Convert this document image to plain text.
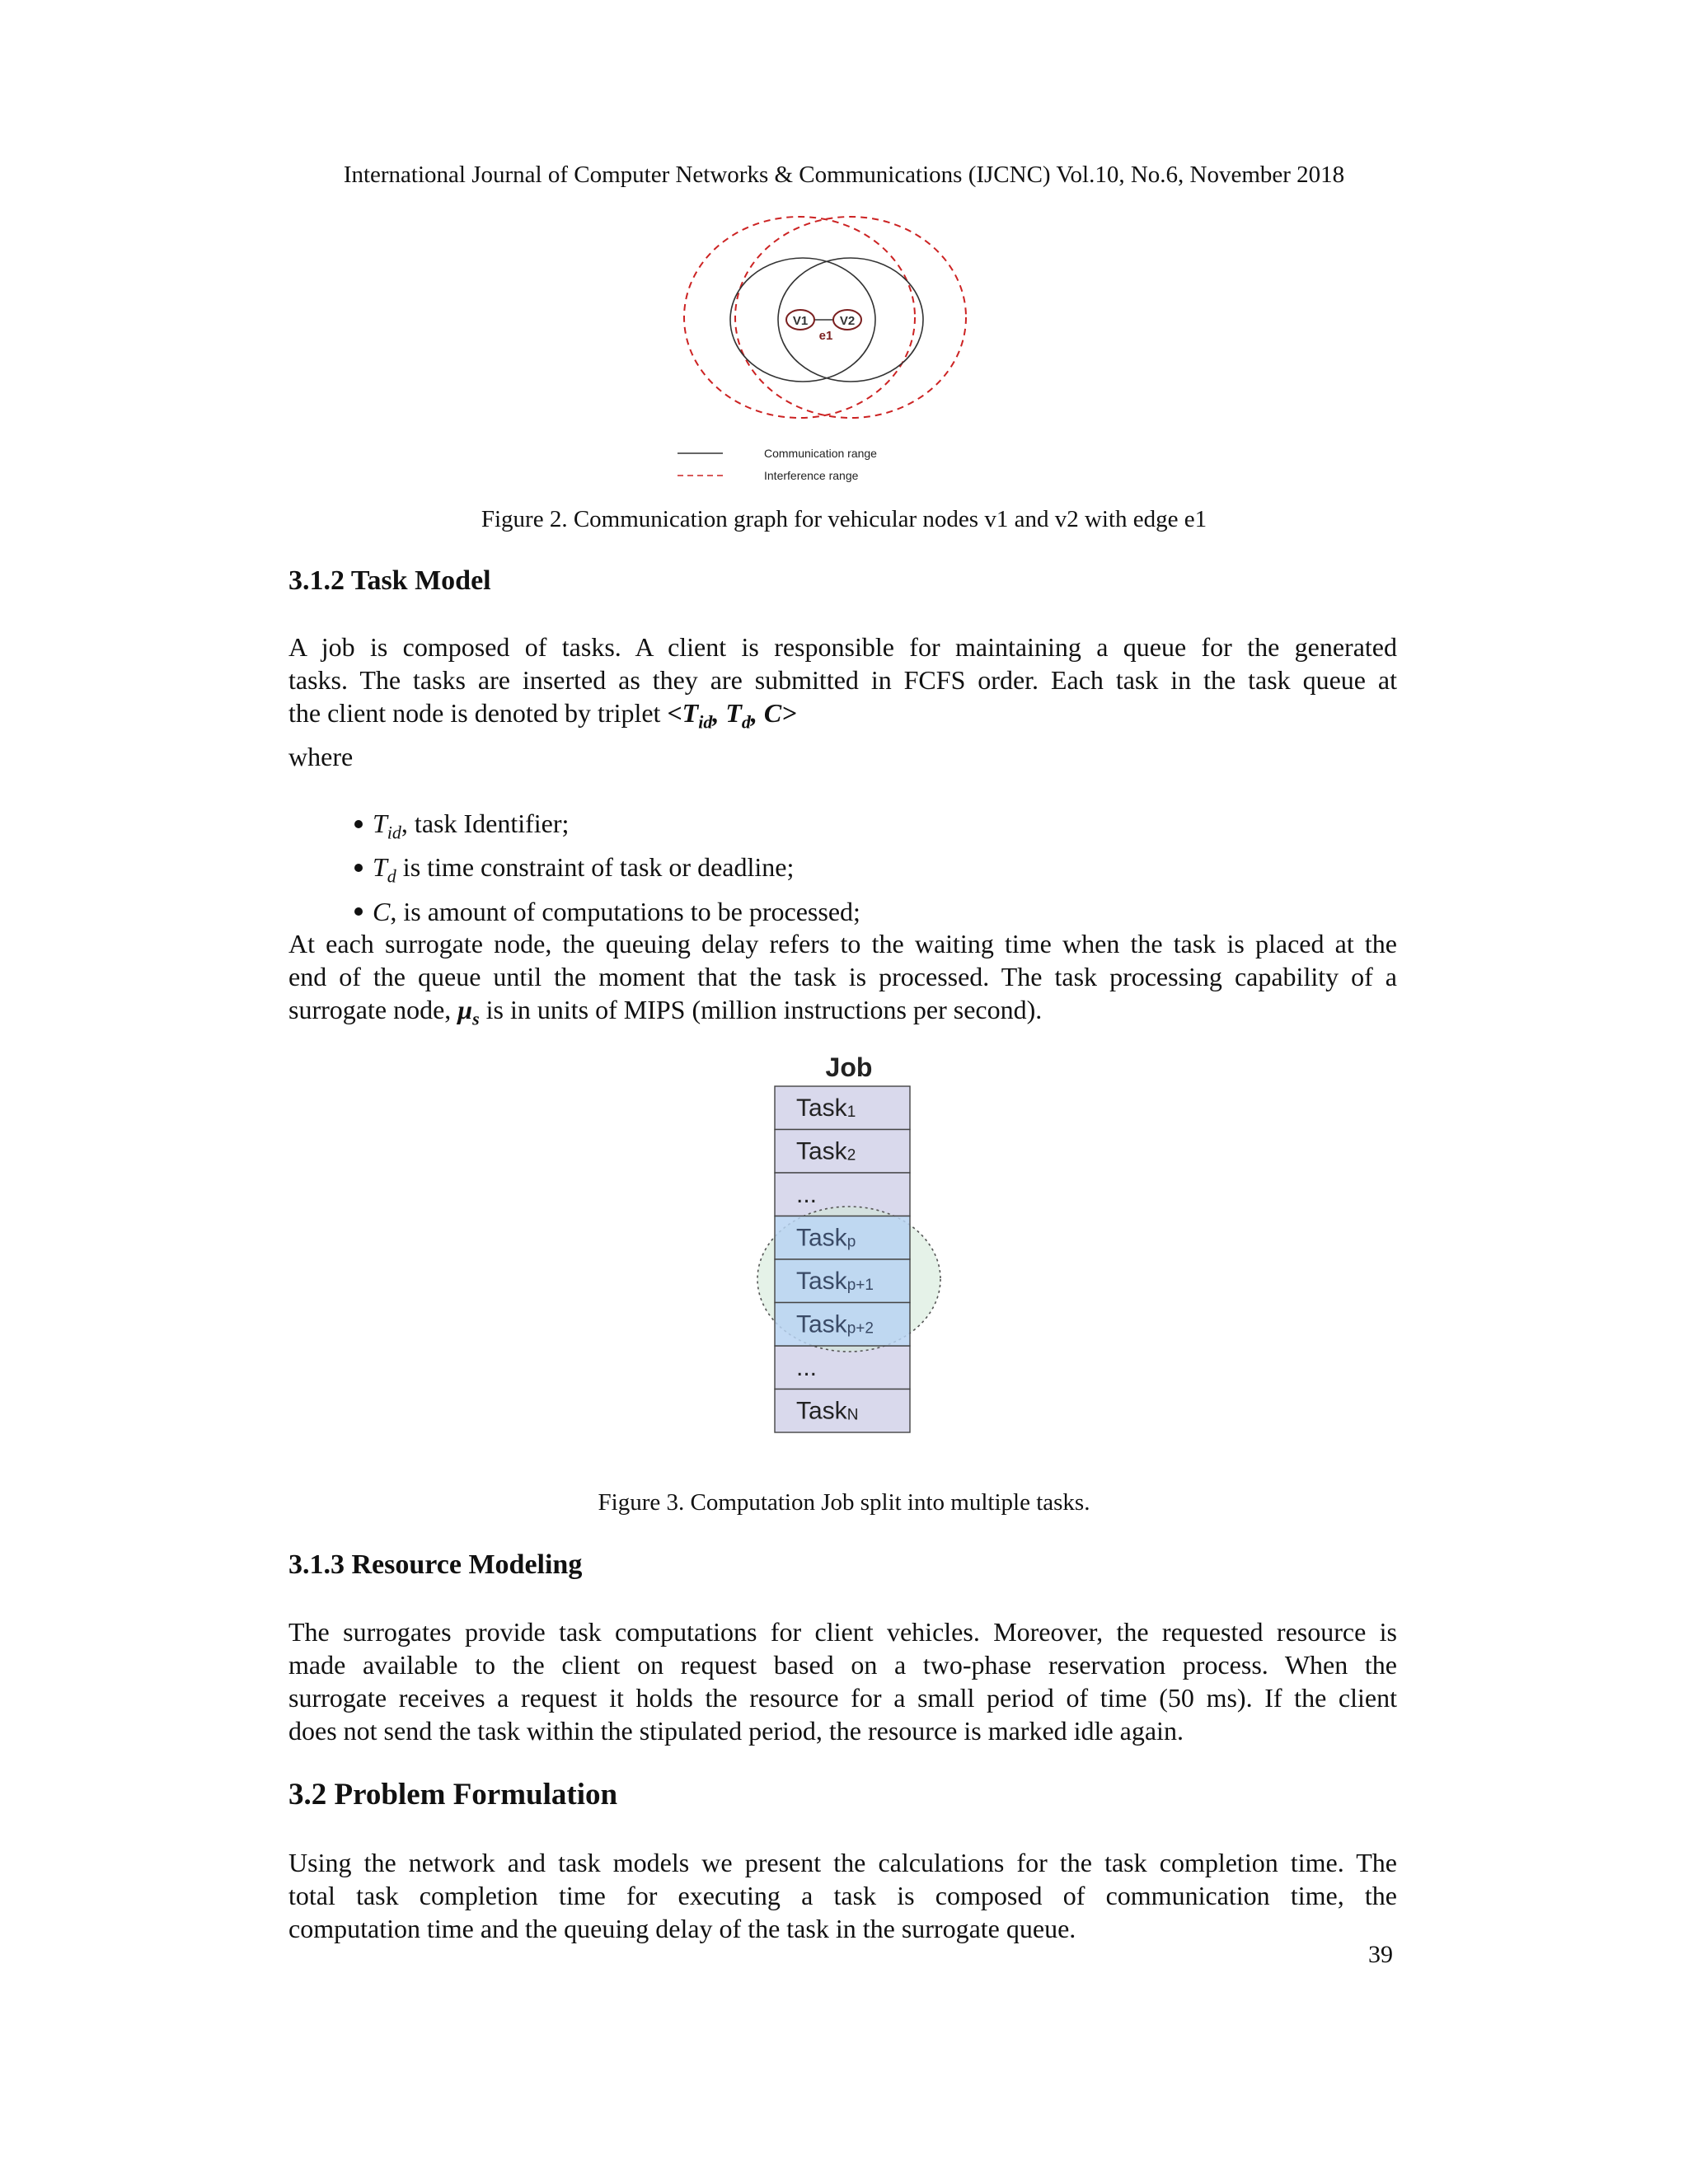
International Journal of Computer Networks & Communications (IJCNC) Vol.10, No.6, November 2018
V1	V2
e1
Communication range
Interference range
Figure 2. Communication graph for vehicular nodes v1 and v2 with edge e1
3.1.2 Task Model
A job is composed of tasks. A client is responsible for maintaining a queue for the generated
tasks. The tasks are inserted as they are submitted in FCFS order. Each task in the task queue at
the client node is denoted by triplet $<T_{id}$, $T_d$, C>
where
$T_{id}$, task Identifier;
$T_d$ is time constraint of task or deadline;
C, is amount of computations to be processed;
At each surrogate node, the queuing delay refers to the waiting time when the task is placed at the
end of the queue until the moment that the task is processed. The task processing capability of a
surrogate node, $\mu_s$ is in units of MIPS (million instructions per second).
Job
Task1
Task2
...
...
TaskN
Taskp
Taskp+1
Taskp+2
Figure 3. Computation Job split into multiple tasks.
3.1.3 Resource Modeling
The surrogates provide task computations for client vehicles. Moreover, the requested resource is
made available to the client on request based on a two-phase reservation process. When the
surrogate receives a request it holds the resource for a small period of time (50 ms). If the client
does not send the task within the stipulated period, the resource is marked idle again.
3.2 Problem Formulation
Using the network and task models we present the calculations for the task completion time. The
total task completion time for executing a task is composed of communication time, the
computation time and the queuing delay of the task in the surrogate queue.
39
